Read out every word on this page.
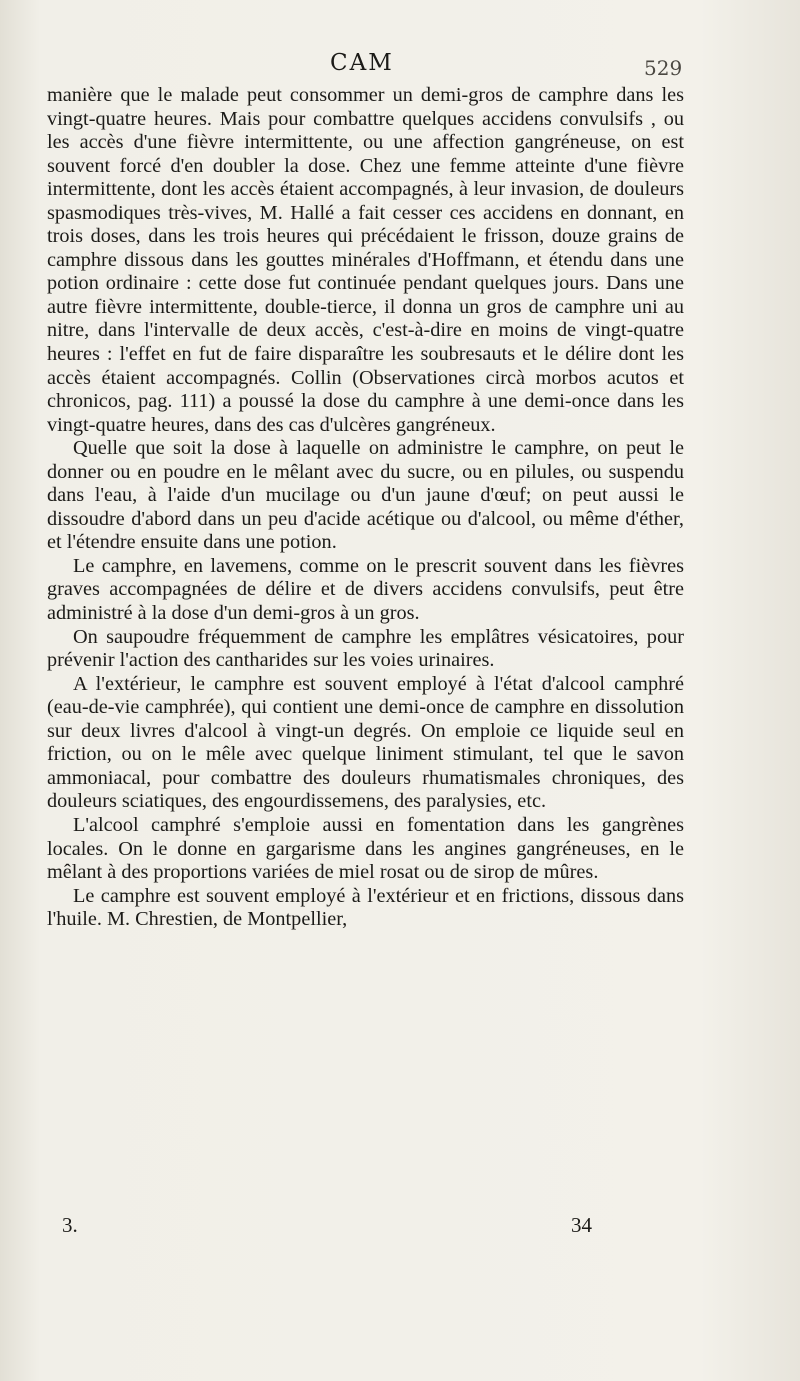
CAM	529

manière que le malade peut consommer un demi-gros de camphre dans les vingt-quatre heures. Mais pour combattre quelques accidens convulsifs , ou les accès d'une fièvre intermittente, ou une affection gangréneuse, on est souvent forcé d'en doubler la dose. Chez une femme atteinte d'une fièvre intermittente, dont les accès étaient accompagnés, à leur invasion, de douleurs spasmodiques très-vives, M. Hallé a fait cesser ces accidens en donnant, en trois doses, dans les trois heures qui précédaient le frisson, douze grains de camphre dissous dans les gouttes minérales d'Hoffmann, et étendu dans une potion ordinaire : cette dose fut continuée pendant quelques jours. Dans une autre fièvre intermittente, double-tierce, il donna un gros de camphre uni au nitre, dans l'intervalle de deux accès, c'est-à-dire en moins de vingt-quatre heures : l'effet en fut de faire disparaître les soubresauts et le délire dont les accès étaient accompagnés. Collin (Observationes circà morbos acutos et chronicos, pag. 111) a poussé la dose du camphre à une demi-once dans les vingt-quatre heures, dans des cas d'ulcères gangréneux.

Quelle que soit la dose à laquelle on administre le camphre, on peut le donner ou en poudre en le mêlant avec du sucre, ou en pilules, ou suspendu dans l'eau, à l'aide d'un mucilage ou d'un jaune d'œuf; on peut aussi le dissoudre d'abord dans un peu d'acide acétique ou d'alcool, ou même d'éther, et l'étendre ensuite dans une potion.

Le camphre, en lavemens, comme on le prescrit souvent dans les fièvres graves accompagnées de délire et de divers accidens convulsifs, peut être administré à la dose d'un demi-gros à un gros.

On saupoudre fréquemment de camphre les emplâtres vésicatoires, pour prévenir l'action des cantharides sur les voies urinaires.

A l'extérieur, le camphre est souvent employé à l'état d'alcool camphré (eau-de-vie camphrée), qui contient une demi-once de camphre en dissolution sur deux livres d'alcool à vingt-un degrés. On emploie ce liquide seul en friction, ou on le mêle avec quelque liniment stimulant, tel que le savon ammoniacal, pour combattre des douleurs rhumatismales chroniques, des douleurs sciatiques, des engourdissemens, des paralysies, etc.

L'alcool camphré s'emploie aussi en fomentation dans les gangrènes locales. On le donne en gargarisme dans les angines gangréneuses, en le mêlant à des proportions variées de miel rosat ou de sirop de mûres.

Le camphre est souvent employé à l'extérieur et en frictions, dissous dans l'huile. M. Chrestien, de Montpellier,

3.	34
